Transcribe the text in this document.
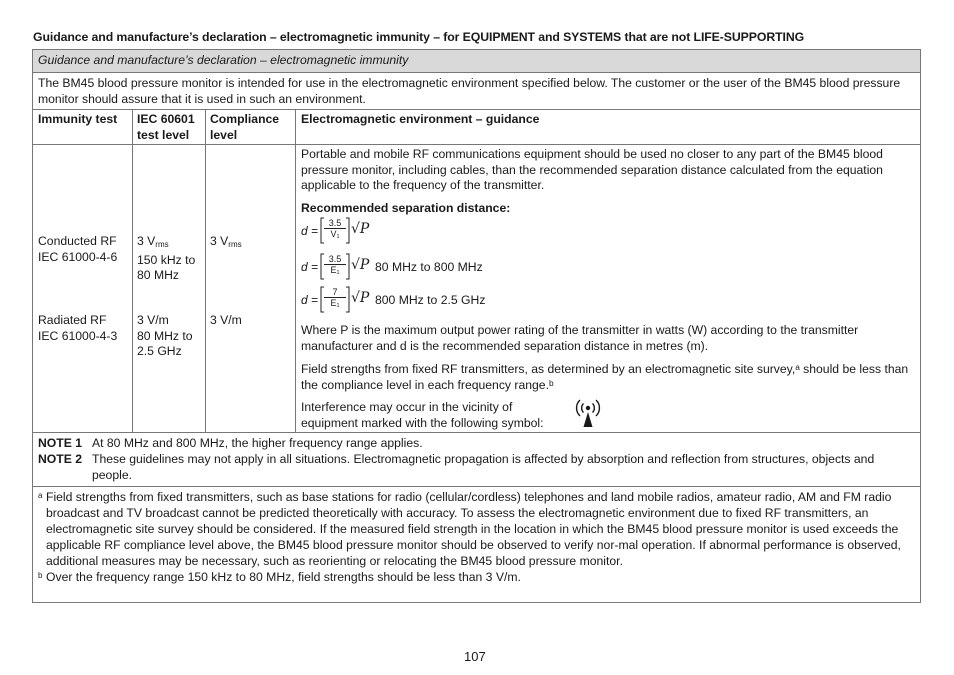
Guidance and manufacture’s declaration – electromagnetic immunity – for EQUIPMENT and SYSTEMS that are not LIFE-SUPPORTING
Guidance and manufacture’s declaration – electromagnetic immunity
The BM45 blood pressure monitor is intended for use in the electromagnetic environment specified below. The customer or the user of the BM45 blood pressure monitor should assure that it is used in such an environment.
Immunity test	IEC 60601 test level
Compliance level
Electromagnetic environment – guidance
Conducted RF
IEC 61000-4-6
3 $V_{rms}$
150 kHz to 80 MHz
3 $V_{rms}$
Radiated RF
IEC 61000-4-3
3 V/m
80 MHz to 2.5 GHz
3 V/m
Portable and mobile RF communications equipment should be used no closer to any part of the BM45 blood pressure monitor, including cables, than the recommended separation distance calculated from the equation applicable to the frequency of the transmitter.
Recommended separation distance:
$d = \frac{3.5}{\text{V₁}} √P$
$d = \frac{3.5}{\text{E₁}} √P$ 80 MHz to 800 MHz
$d = \frac{7}{\text{E₁}} √P$ 800 MHz to 2.5 GHz
Where P is the maximum output power rating of the transmitter in watts (W) according to the transmitter manufacturer and d is the recommended separation distance in metres (m).
Field strengths from fixed RF transmitters, as determined by an electromagnetic site survey,ᵃ should be less than the compliance level in each frequency range.ᵇ
Interference may occur in the vicinity of
equipment marked with the following symbol:
NOTE 1 At 80 MHz and 800 MHz, the higher frequency range applies.
NOTE 2 These guidelines may not apply in all situations. Electromagnetic propagation is affected by absorption and reflection from structures, objects and people.
a Field strengths from fixed transmitters, such as base stations for radio (cellular/cordless) telephones and land mobile radios, amateur radio, AM and FM radio broadcast and TV broadcast cannot be predicted theoretically with accuracy. To assess the electromagnetic environment due to fixed RF transmitters, an electromagnetic site survey should be considered. If the measured field strength in the location in which the BM45 blood pressure monitor is used exceeds the applicable RF compliance level above, the BM45 blood pressure monitor should be observed to verify nor-mal operation. If abnormal performance is observed, additional measures may be necessary, such as reorienting or relocating the BM45 blood pressure monitor.
b Over the frequency range 150 kHz to 80 MHz, field strengths should be less than 3 V/m.
107
